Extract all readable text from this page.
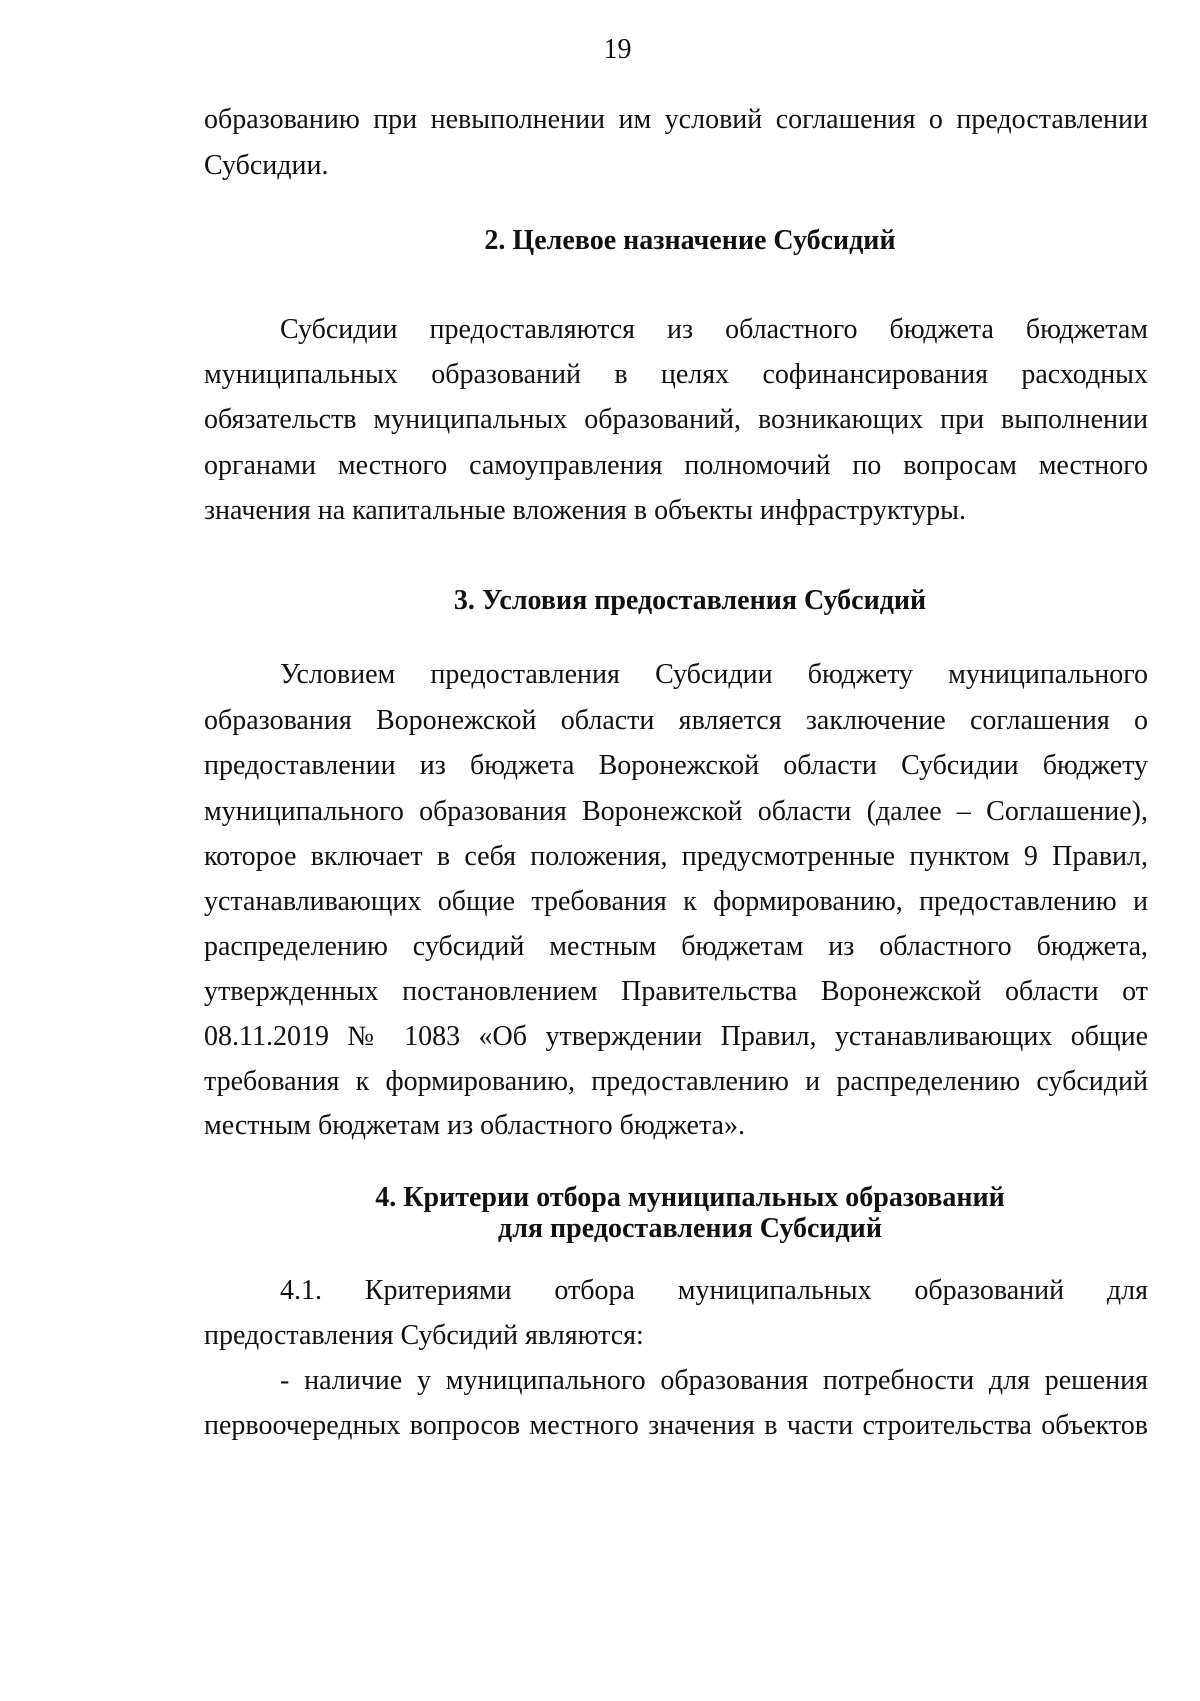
19
образованию при невыполнении им условий соглашения о предоставлении
Субсидии.
2. Целевое назначение Субсидий
Субсидии предоставляются из областного бюджета бюджетам
муниципальных образований в целях софинансирования расходных
обязательств муниципальных образований, возникающих при выполнении
органами местного самоуправления полномочий по вопросам местного
значения на капитальные вложения в объекты инфраструктуры.
3. Условия предоставления Субсидий
Условием предоставления Субсидии бюджету муниципального
образования Воронежской области является заключение соглашения о
предоставлении из бюджета Воронежской области Субсидии бюджету
муниципального образования Воронежской области (далее – Соглашение),
которое включает в себя положения, предусмотренные пунктом 9 Правил,
устанавливающих общие требования к формированию, предоставлению и
распределению субсидий местным бюджетам из областного бюджета,
утвержденных постановлением Правительства Воронежской области от
08.11.2019 № 1083 «Об утверждении Правил, устанавливающих общие
требования к формированию, предоставлению и распределению субсидий
местным бюджетам из областного бюджета».
4. Критерии отбора муниципальных образований
для предоставления Субсидий
4.1. Критериями отбора муниципальных образований для
предоставления Субсидий являются:
- наличие у муниципального образования потребности для решения
первоочередных вопросов местного значения в части строительства объектов
